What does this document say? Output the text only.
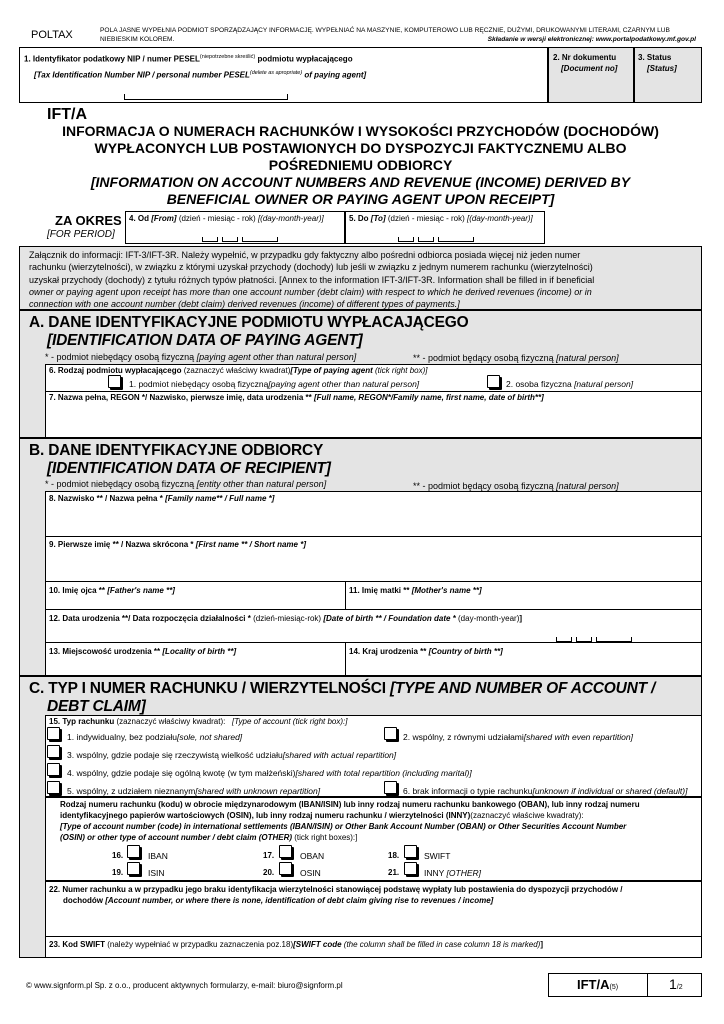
POLTAX	POLA JASNE WYPEŁNIA PODMIOT SPORZĄDZAJĄCY INFORMACJĘ. WYPEŁNIAĆ NA MASZYNIE, KOMPUTEROWO LUB RĘCZNIE, DUŻYMI, DRUKOWANYMI LITERAMI, CZARNYM LUB
NIEBIESKIM KOLOREM.	Składanie w wersji elektronicznej: www.portalpodatkowy.mf.gov.pl
1. Identyfikator podatkowy NIP / numer $PESEL^{(niepotrzebne skreślić)}$ podmiotu wypłacającego
[Tax Identification Number NIP / personal number $PESEL^{(delete as apropriate)}$ of paying agent]
2. Nr dokumentu
[Document no]
3. Status
[Status]
IFT/A
INFORMACJA O NUMERACH RACHUNKÓW I WYSOKOŚCI PRZYCHODÓW (DOCHODÓW)
WYPŁACONYCH LUB POSTAWIONYCH DO DYSPOZYCJI FAKTYCZNEMU ALBO
POŚREDNIEMU ODBIORCY
[INFORMATION ON ACCOUNT NUMBERS AND REVENUE (INCOME) DERIVED BY
BENEFICIAL OWNER OR PAYING AGENT UPON RECEIPT]
ZA OKRES
[FOR PERIOD]
4. Od [From] (dzień - miesiąc - rok) [(day-month-year)]	5. Do [To] (dzień - miesiąc - rok) [(day-month-year)]
Załącznik do informacji: IFT-3/IFT-3R. Należy wypełnić, w przypadku gdy faktyczny albo pośredni odbiorca posiada więcej niż jeden numer
rachunku (wierzytelności), w związku z którymi uzyskał przychody (dochody) lub jeśli w związku z jednym numerem rachunku (wierzytelności)
uzyskał przychody (dochody) z tytułu różnych typów płatności. [Annex to the information IFT-3/IFT-3R. Information shall be filled in if beneficial
owner or paying agent upon receipt has more than one account number (debt claim) with respect to which he derived revenues (income) or in
connection with one account number (debt claim) derived revenues (income) of different types of payments.]
A. DANE IDENTYFIKACYJNE PODMIOTU WYPŁACAJĄCEGO
[IDENTIFICATION DATA OF PAYING AGENT]
* - podmiot niebędący osobą fizyczną [paying agent other than natural person]	** - podmiot będący osobą fizyczną [natural person]
6. Rodzaj podmiotu wypłacającego (zaznaczyć właściwy kwadrat)[Type of paying agent (tick right box)]
1. podmiot niebędący osobą fizyczną[paying agent other than natural person]	2. osoba fizyczna [natural person]
7. Nazwa pełna, REGON */ Nazwisko, pierwsze imię, data urodzenia ** [Full name, REGON*/Family name, first name, date of birth**]
B. DANE IDENTYFIKACYJNE ODBIORCY
[IDENTIFICATION DATA OF RECIPIENT]
* - podmiot niebędący osobą fizyczną [entity other than natural person]	** - podmiot będący osobą fizyczną [natural person]
8. Nazwisko ** / Nazwa pełna * [Family name** / Full name *]
9. Pierwsze imię ** / Nazwa skrócona * [First name ** / Short name *]
10. Imię ojca ** [Father's name **]	11. Imię matki ** [Mother's name **]
12. Data urodzenia **/ Data rozpoczęcia działalności * (dzień-miesiąc-rok) [Date of birth ** / Foundation date * (day-month-year)]
13. Miejscowość urodzenia ** [Locality of birth **]	14. Kraj urodzenia ** [Country of birth **]
C. TYP I NUMER RACHUNKU / WIERZYTELNOŚCI [TYPE AND NUMBER OF ACCOUNT /
DEBT CLAIM]
15. Typ rachunku (zaznaczyć właściwy kwadrat): [Type of account (tick right box):]
1. indywidualny, bez podziału[sole, not shared]	2. wspólny, z równymi udziałami[shared with even repartition]
3. wspólny, gdzie podaje się rzeczywistą wielkość udziału[shared with actual repartition]
4. wspólny, gdzie podaje się ogólną kwotę (w tym małżeński)[shared with total repartition (including marital)]
5. wspólny, z udziałem nieznanym[shared with unknown repartition]	6. brak informacji o typie rachunku[unknown if individual or shared (default)]
Rodzaj numeru rachunku (kodu) w obrocie międzynarodowym (IBAN/ISIN) lub inny rodzaj numeru rachunku bankowego (OBAN), lub inny rodzaj numeru
identyfikacyjnego papierów wartościowych (OSIN), lub inny rodzaj numeru rachunku / wierzytelności (INNY)(zaznaczyć właściwe kwadraty):
[Type of account number (code) in international settlements (IBAN/ISIN) or Other Bank Account Number (OBAN) or Other Securities Account Number
(OSIN) or other type of account number / debt claim (OTHER) (tick right boxes):]
16.	IBAN	17.	OBAN	18.	SWIFT
19.	ISIN	20.	OSIN	21.	INNY [OTHER]
22. Numer rachunku a w przypadku jego braku identyfikacja wierzytelności stanowiącej podstawę wypłaty lub postawienia do dyspozycji przychodów /
dochodów [Account number, or where there is none, identification of debt claim giving rise to revenues / income]
23. Kod SWIFT (należy wypełniać w przypadku zaznaczenia poz.18)[SWIFT code (the column shall be filled in case column 18 is marked)]
© www.signform.pl Sp. z o.o., producent aktywnych formularzy, e-mail: biuro@signform.pl	IFT/A(5)	1/2
